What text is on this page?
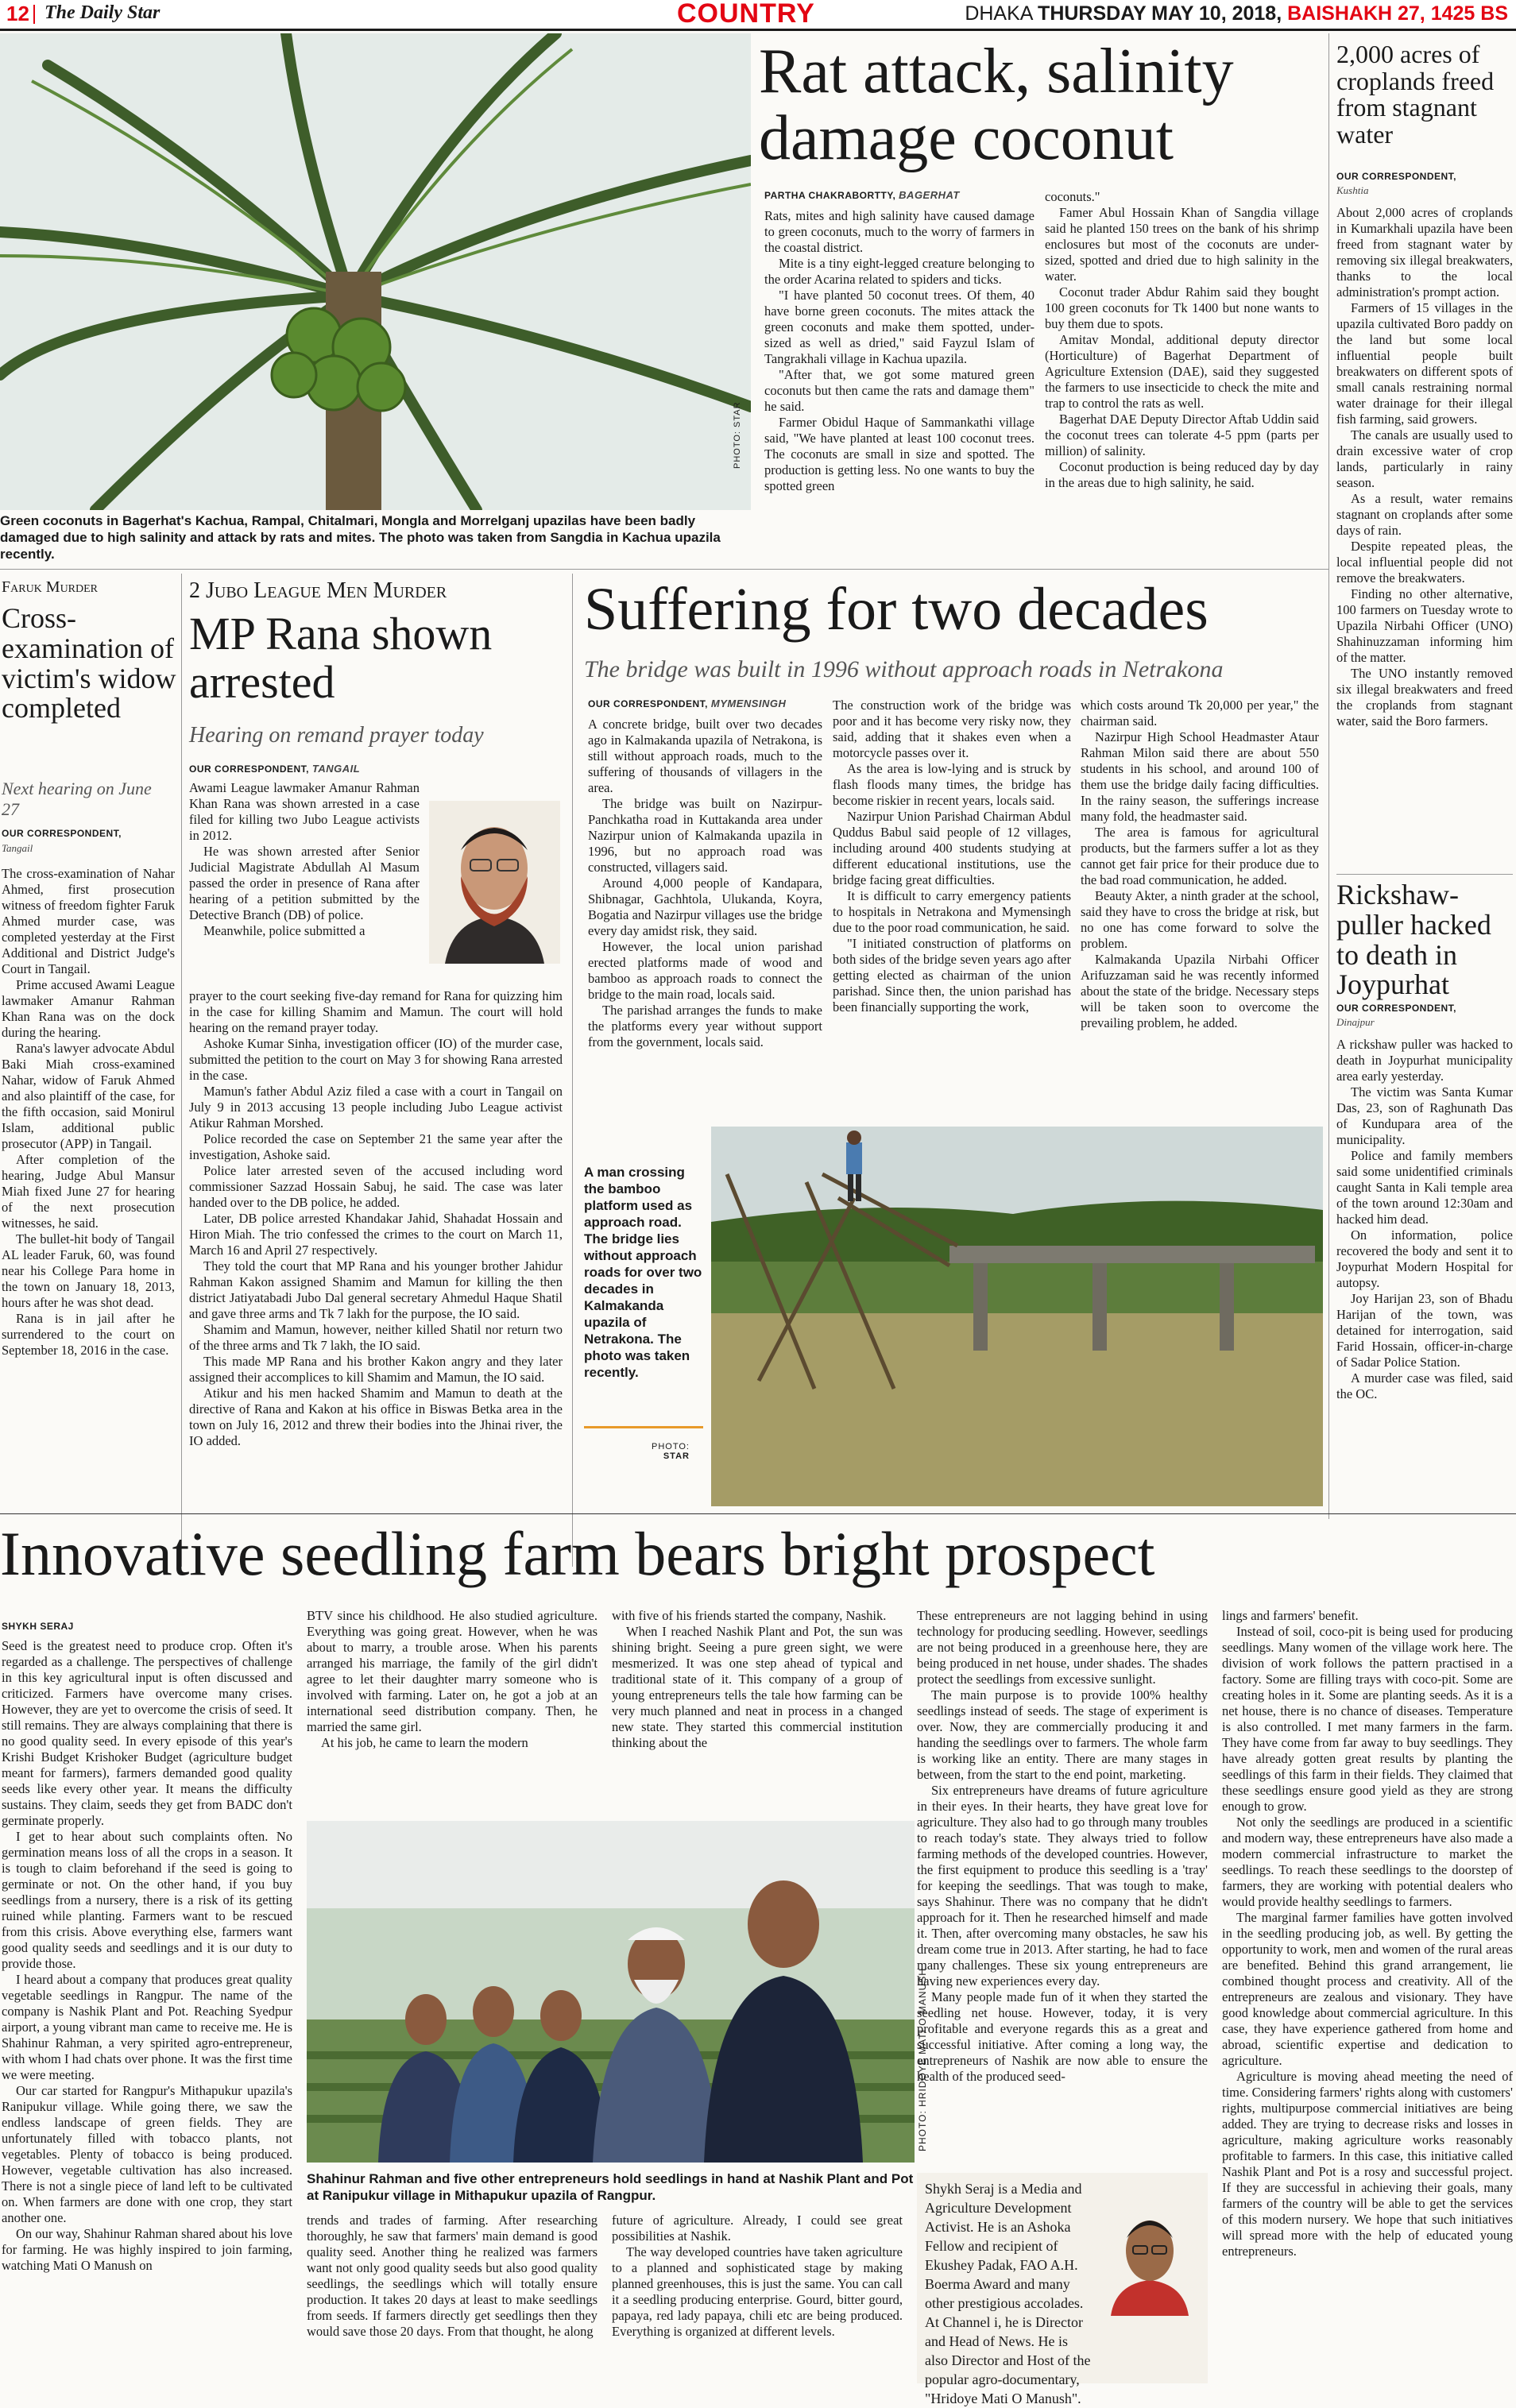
12 The Daily Star	COUNTRY	DHAKA THURSDAY MAY 10, 2018, BAISHAKH 27, 1425 BS
Green coconuts in Bagerhat's Kachua, Rampal, Chitalmari, Mongla and Morrelganj upazilas have been badly damaged due to high salinity and attack by rats and mites. The photo was taken from Sangdia in Kachua upazila recently.
Rat attack, salinity damage coconut
PARTHA CHAKRABORTTY, BAGERHAT

Rats, mites and high salinity have caused damage to green coconuts, much to the worry of farmers in the coastal district.

Mite is a tiny eight-legged creature belonging to the order Acarina related to spiders and ticks.

"I have planted 50 coconut trees. Of them, 40 have borne green coconuts. The mites attack the green coconuts and make them spotted, under-sized as well as dried," said Fayzul Islam of Tangrakhali village in Kachua upazila.

"After that, we got some matured green coconuts but then came the rats and damage them" he said.

Farmer Obidul Haque of Sammankathi village said, "We have planted at least 100 coconut trees. The coconuts are small in size and spotted. The production is getting less. No one wants to buy the spotted green

PHOTO: STAR

coconuts."

Famer Abul Hossain Khan of Sangdia village said he planted 150 trees on the bank of his shrimp enclosures but most of the coconuts are under-sized, spotted and dried due to high salinity in the water.

Coconut trader Abdur Rahim said they bought 100 green coconuts for Tk 1400 but none wants to buy them due to spots.

Amitav Mondal, additional deputy director (Horticulture) of Bagerhat Department of Agriculture Extension (DAE), said they suggested the farmers to use insecticide to check the mite and trap to control the rats as well.

Bagerhat DAE Deputy Director Aftab Uddin said the coconut trees can tolerate 4-5 ppm (parts per million) of salinity.

Coconut production is being reduced day by day in the areas due to high salinity, he said.

2,000 acres of croplands freed from stagnant water
OUR CORRESPONDENT,
Kushtia

About 2,000 acres of croplands in Kumarkhali upazila have been freed from stagnant water by removing six illegal breakwaters, thanks to the local administration's prompt action.

Farmers of 15 villages in the upazila cultivated Boro paddy on the land but some local influential people built breakwaters on different spots of small canals restraining normal water drainage for their illegal fish farming, said growers.

The canals are usually used to drain excessive water of crop lands, particularly in rainy season.

As a result, water remains stagnant on croplands after some days of rain.

Despite repeated pleas, the local influential people did not remove the breakwaters.

Finding no other alternative, 100 farmers on Tuesday wrote to Upazila Nirbahi Officer (UNO) Shahinuzzaman informing him of the matter.

The UNO instantly removed six illegal breakwaters and freed the croplands from stagnant water, said the Boro farmers.

Rickshaw-puller hacked to death in Joypurhat
OUR CORRESPONDENT,
Dinajpur

A rickshaw puller was hacked to death in Joypurhat municipality area early yesterday.

The victim was Santa Kumar Das, 23, son of Raghunath Das of Kundupara area of the municipality.

Police and family members said some unidentified criminals caught Santa in Kali temple area of the town around 12:30am and hacked him dead.

On information, police recovered the body and sent it to Joypurhat Modern Hospital for autopsy.

Joy Harijan 23, son of Bhadu Harijan of the town, was detained for interrogation, said Farid Hossain, officer-in-charge of Sadar Police Station.

A murder case was filed, said the OC.

Faruk Murder
Cross-examination of victim's widow completed
Next hearing on June 27
OUR CORRESPONDENT,
Tangail

The cross-examination of Nahar Ahmed, first prosecution witness of freedom fighter Faruk Ahmed murder case, was completed yesterday at the First Additional and District Judge's Court in Tangail.

Prime accused Awami League lawmaker Amanur Rahman Khan Rana was on the dock during the hearing.

Rana's lawyer advocate Abdul Baki Miah cross-examined Nahar, widow of Faruk Ahmed and also plaintiff of the case, for the fifth occasion, said Monirul Islam, additional public prosecutor (APP) in Tangail.

After completion of the hearing, Judge Abul Mansur Miah fixed June 27 for hearing of the next prosecution witnesses, he said.

The bullet-hit body of Tangail AL leader Faruk, 60, was found near his College Para home in the town on January 18, 2013, hours after he was shot dead.

Rana is in jail after he surrendered to the court on September 18, 2016 in the case.

2 Jubo League Men Murder
MP Rana shown arrested
Hearing on remand prayer today
OUR CORRESPONDENT, TANGAIL

Awami League lawmaker Amanur Rahman Khan Rana was shown arrested in a case filed for killing two Jubo League activists in 2012.

He was shown arrested after Senior Judicial Magistrate Abdullah Al Masum passed the order in presence of Rana after hearing of a petition submitted by the Detective Branch (DB) of police.

Meanwhile, police submitted a

prayer to the court seeking five-day remand for Rana for quizzing him in the case for killing Shamim and Mamun. The court will hold hearing on the remand prayer today.

Ashoke Kumar Sinha, investigation officer (IO) of the murder case, submitted the petition to the court on May 3 for showing Rana arrested in the case.

Mamun's father Abdul Aziz filed a case with a court in Tangail on July 9 in 2013 accusing 13 people including Jubo League activist Atikur Rahman Morshed.

Police recorded the case on September 21 the same year after the investigation, Ashoke said.

Police later arrested seven of the accused including word commissioner Sazzad Hossain Sabuj, he said. The case was later handed over to the DB police, he added.

Later, DB police arrested Khandakar Jahid, Shahadat Hossain and Hiron Miah. The trio confessed the crimes to the court on March 11, March 16 and April 27 respectively.

They told the court that MP Rana and his younger brother Jahidur Rahman Kakon assigned Shamim and Mamun for killing the then district Jatiyatabadi Jubo Dal general secretary Ahmedul Haque Shatil and gave three arms and Tk 7 lakh for the purpose, the IO said.

Shamim and Mamun, however, neither killed Shatil nor return two of the three arms and Tk 7 lakh, the IO said.

This made MP Rana and his brother Kakon angry and they later assigned their accomplices to kill Shamim and Mamun, the IO said.

Atikur and his men hacked Shamim and Mamun to death at the directive of Rana and Kakon at his office in Biswas Betka area in the town on July 16, 2012 and threw their bodies into the Jhinai river, the IO added.

Suffering for two decades
The bridge was built in 1996 without approach roads in Netrakona
OUR CORRESPONDENT, MYMENSINGH

A concrete bridge, built over two decades ago in Kalmakanda upazila of Netrakona, is still without approach roads, much to the suffering of thousands of villagers in the area.

The bridge was built on Nazirpur-Panchkatha road in Kuttakanda area under Nazirpur union of Kalmakanda upazila in 1996, but no approach road was constructed, villagers said.

Around 4,000 people of Kandapara, Shibnagar, Gachhtola, Ulukanda, Koyra, Bogatia and Nazirpur villages use the bridge every day amidst risk, they said.

However, the local union parishad erected platforms made of wood and bamboo as approach roads to connect the bridge to the main road, locals said.

The parishad arranges the funds to make the platforms every year without support from the government, locals said.

The construction work of the bridge was poor and it has become very risky now, they said, adding that it shakes even when a motorcycle passes over it.

As the area is low-lying and is struck by flash floods many times, the bridge has become riskier in recent years, locals said.

Nazirpur Union Parishad Chairman Abdul Quddus Babul said people of 12 villages, including around 400 students studying at different educational institutions, use the bridge facing great difficulties.

It is difficult to carry emergency patients to hospitals in Netrakona and Mymensingh due to the poor road communication, he said.

"I initiated construction of platforms on both sides of the bridge seven years ago after getting elected as chairman of the union parishad. Since then, the union parishad has been financially supporting the work,

which costs around Tk 20,000 per year," the chairman said.

Nazirpur High School Headmaster Ataur Rahman Milon said there are about 550 students in his school, and around 100 of them use the bridge daily facing difficulties. In the rainy season, the sufferings increase many fold, the headmaster said.

The area is famous for agricultural products, but the farmers suffer a lot as they cannot get fair price for their produce due to the bad road communication, he added.

Beauty Akter, a ninth grader at the school, said they have to cross the bridge at risk, but no one has come forward to solve the problem.

Kalmakanda Upazila Nirbahi Officer Arifuzzaman said he was recently informed about the state of the bridge. Necessary steps will be taken soon to overcome the prevailing problem, he added.

A man crossing the bamboo platform used as approach road. The bridge lies without approach roads for over two decades in Kalmakanda upazila of Netrakona. The photo was taken recently.
PHOTO:
STAR
Innovative seedling farm bears bright prospect
SHYKH SERAJ

Seed is the greatest need to produce crop. Often it's regarded as a challenge. The perspectives of challenge in this key agricultural input is often discussed and criticized. Farmers have overcome many crises. However, they are yet to overcome the crisis of seed. It still remains. They are always complaining that there is no good quality seed. In every episode of this year's Krishi Budget Krishoker Budget (agriculture budget meant for farmers), farmers demanded good quality seeds like every other year. It means the difficulty sustains. They claim, seeds they get from BADC don't germinate properly.

I get to hear about such complaints often. No germination means loss of all the crops in a season. It is tough to claim beforehand if the seed is going to germinate or not. On the other hand, if you buy seedlings from a nursery, there is a risk of its getting ruined while planting. Farmers want to be rescued from this crisis. Above everything else, farmers want good quality seeds and seedlings and it is our duty to provide those.

I heard about a company that produces great quality vegetable seedlings in Rangpur. The name of the company is Nashik Plant and Pot. Reaching Syedpur airport, a young vibrant man came to receive me. He is Shahinur Rahman, a very spirited agro-entrepreneur, with whom I had chats over phone. It was the first time we were meeting.

Our car started for Rangpur's Mithapukur upazila's Ranipukur village. While going there, we saw the endless landscape of green fields. They are unfortunately filled with tobacco plants, not vegetables. Plenty of tobacco is being produced. However, vegetable cultivation has also increased. There is not a single piece of land left to be cultivated on. When farmers are done with one crop, they start another one.

On our way, Shahinur Rahman shared about his love for farming. He was highly inspired to join farming, watching Mati O Manush on

BTV since his childhood. He also studied agriculture. Everything was going great. However, when he was about to marry, a trouble arose. When his parents arranged his marriage, the family of the girl didn't agree to let their daughter marry someone who is involved with farming. Later on, he got a job at an international seed distribution company. Then, he married the same girl.

At his job, he came to learn the modern

with five of his friends started the company, Nashik.

When I reached Nashik Plant and Pot, the sun was shining bright. Seeing a pure green sight, we were mesmerized. It was one step ahead of typical and traditional state of it. This company of a group of young entrepreneurs tells the tale how farming can be very much planned and neat in process in a changed new state. They started this commercial institution thinking about the

PHOTO: HRIDOYE MATI O MANUSH
Shahinur Rahman and five other entrepreneurs hold seedlings in hand at Nashik Plant and Pot at Ranipukur village in Mithapukur upazila of Rangpur.

trends and trades of farming. After researching thoroughly, he saw that farmers' main demand is good quality seed. Another thing he realized was farmers want not only good quality seeds but also good quality seedlings, the seedlings which will totally ensure production. It takes 20 days at least to make seedlings from seeds. If farmers directly get seedlings then they would save those 20 days. From that thought, he along

future of agriculture. Already, I could see great possibilities at Nashik.

The way developed countries have taken agriculture to a planned and sophisticated stage by making planned greenhouses, this is just the same. You can call it a seedling producing enterprise. Gourd, bitter gourd, papaya, red lady papaya, chili etc are being produced. Everything is organized at different levels.

These entrepreneurs are not lagging behind in using technology for producing seedling. However, seedlings are not being produced in a greenhouse here, they are being produced in net house, under shades. The shades protect the seedlings from excessive sunlight.

The main purpose is to provide 100% healthy seedlings instead of seeds. The stage of experiment is over. Now, they are commercially producing it and handing the seedlings over to farmers. The whole farm is working like an entity. There are many stages in between, from the start to the end point, marketing.

Six entrepreneurs have dreams of future agriculture in their eyes. In their hearts, they have great love for agriculture. They also had to go through many troubles to reach today's state. They always tried to follow farming methods of the developed countries. However, the first equipment to produce this seedling is a 'tray' for keeping the seedlings. That was tough to make, says Shahinur. There was no company that he didn't approach for it. Then he researched himself and made it. Then, after overcoming many obstacles, he saw his dream come true in 2013. After starting, he had to face many challenges. These six young entrepreneurs are having new experiences every day.

Many people made fun of it when they started the seedling net house. However, today, it is very profitable and everyone regards this as a great and successful initiative. After coming a long way, the entrepreneurs of Nashik are now able to ensure the health of the produced seed-

Shykh Seraj is a Media and Agriculture Development Activist. He is an Ashoka Fellow and recipient of Ekushey Padak, FAO A.H. Boerma Award and many other prestigious accolades. At Channel i, he is Director and Head of News. He is also Director and Host of the popular agro-documentary, "Hridoye Mati O Manush".

lings and farmers' benefit.

Instead of soil, coco-pit is being used for producing seedlings. Many women of the village work here. The division of work follows the pattern practised in a factory. Some are filling trays with coco-pit. Some are creating holes in it. Some are planting seeds. As it is a net house, there is no chance of diseases. Temperature is also controlled. I met many farmers in the farm. They have come from far away to buy seedlings. They have already gotten great results by planting the seedlings of this farm in their fields. They claimed that these seedlings ensure good yield as they are strong enough to grow.

Not only the seedlings are produced in a scientific and modern way, these entrepreneurs have also made a modern commercial infrastructure to market the seedlings. To reach these seedlings to the doorstep of farmers, they are working with potential dealers who would provide healthy seedlings to farmers.

The marginal farmer families have gotten involved in the seedling producing job, as well. By getting the opportunity to work, men and women of the rural areas are benefited. Behind this grand arrangement, lie combined thought process and creativity. All of the entrepreneurs are zealous and visionary. They have good knowledge about commercial agriculture. In this case, they have experience gathered from home and abroad, scientific expertise and dedication to agriculture.

Agriculture is moving ahead meeting the need of time. Considering farmers' rights along with customers' rights, multipurpose commercial initiatives are being added. They are trying to decrease risks and losses in agriculture, making agriculture works reasonably profitable to farmers. In this case, this initiative called Nashik Plant and Pot is a rosy and successful project. If they are successful in achieving their goals, many farmers of the country will be able to get the services of this modern nursery. We hope that such initiatives will spread more with the help of educated young entrepreneurs.
